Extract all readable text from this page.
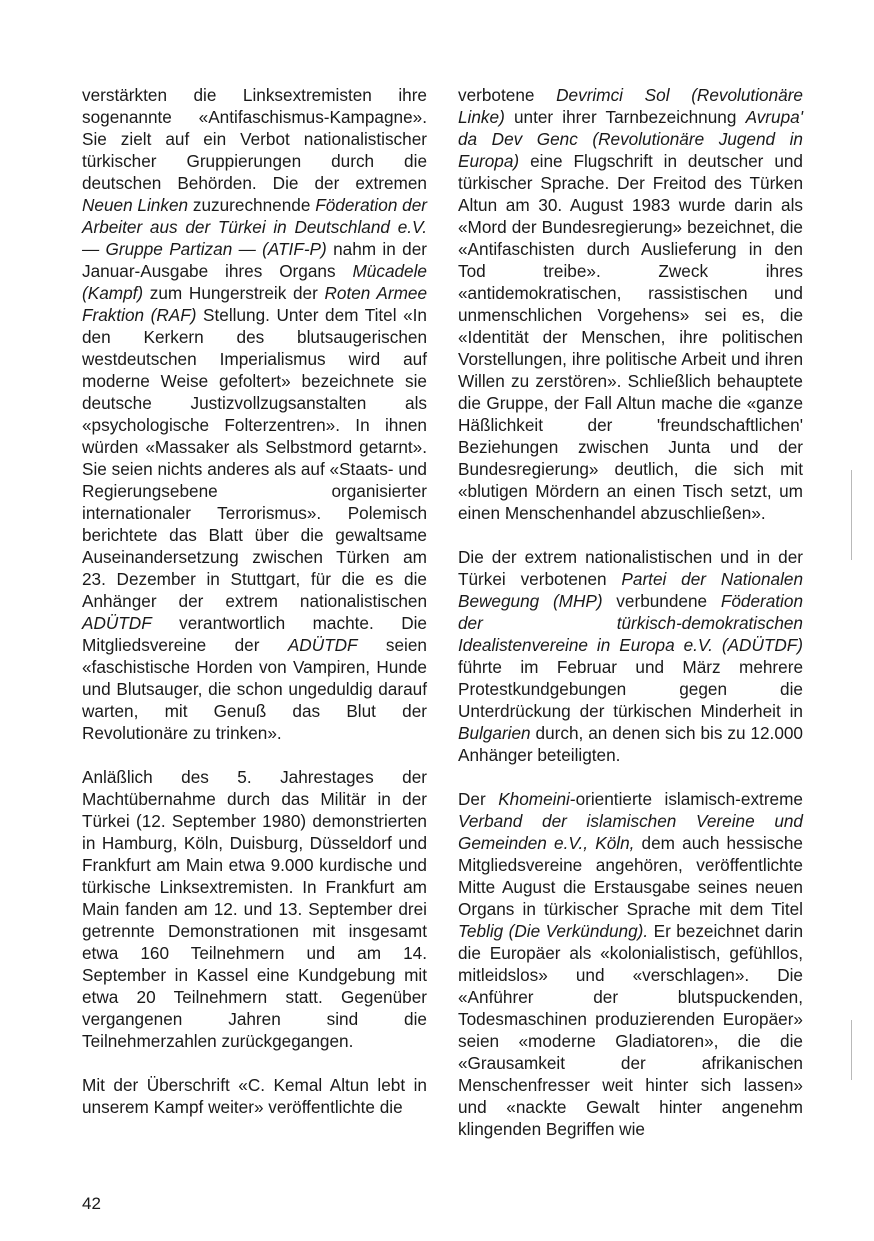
verstärkten die Linksextremisten ihre sogenannte «Antifaschismus-Kampagne». Sie zielt auf ein Verbot nationalistischer türkischer Gruppierungen durch die deutschen Behörden. Die der extremen Neuen Linken zuzurechnende Föderation der Arbeiter aus der Türkei in Deutschland e.V. — Gruppe Partizan — (ATIF-P) nahm in der Januar-Ausgabe ihres Organs Mücadele (Kampf) zum Hungerstreik der Roten Armee Fraktion (RAF) Stellung. Unter dem Titel «In den Kerkern des blutsaugerischen westdeutschen Imperialismus wird auf moderne Weise gefoltert» bezeichnete sie deutsche Justizvollzugsanstalten als «psychologische Folterzentren». In ihnen würden «Massaker als Selbstmord getarnt». Sie seien nichts anderes als auf «Staats- und Regierungsebene organisierter internationaler Terrorismus». Polemisch berichtete das Blatt über die gewaltsame Auseinandersetzung zwischen Türken am 23. Dezember in Stuttgart, für die es die Anhänger der extrem nationalistischen ADÜTDF verantwortlich machte. Die Mitgliedsvereine der ADÜTDF seien «faschistische Horden von Vampiren, Hunde und Blutsauger, die schon ungeduldig darauf warten, mit Genuß das Blut der Revolutionäre zu trinken».

Anläßlich des 5. Jahrestages der Machtübernahme durch das Militär in der Türkei (12. September 1980) demonstrierten in Hamburg, Köln, Duisburg, Düsseldorf und Frankfurt am Main etwa 9.000 kurdische und türkische Linksextremisten. In Frankfurt am Main fanden am 12. und 13. September drei getrennte Demonstrationen mit insgesamt etwa 160 Teilnehmern und am 14. September in Kassel eine Kundgebung mit etwa 20 Teilnehmern statt. Gegenüber vergangenen Jahren sind die Teilnehmerzahlen zurückgegangen.

Mit der Überschrift «C. Kemal Altun lebt in unserem Kampf weiter» veröffentlichte die

verbotene Devrimci Sol (Revolutionäre Linke) unter ihrer Tarnbezeichnung Avrupa' da Dev Genc (Revolutionäre Jugend in Europa) eine Flugschrift in deutscher und türkischer Sprache. Der Freitod des Türken Altun am 30. August 1983 wurde darin als «Mord der Bundesregierung» bezeichnet, die «Antifaschisten durch Auslieferung in den Tod treibe». Zweck ihres «antidemokratischen, rassistischen und unmenschlichen Vorgehens» sei es, die «Identität der Menschen, ihre politischen Vorstellungen, ihre politische Arbeit und ihren Willen zu zerstören». Schließlich behauptete die Gruppe, der Fall Altun mache die «ganze Häßlichkeit der 'freundschaftlichen' Beziehungen zwischen Junta und der Bundesregierung» deutlich, die sich mit «blutigen Mördern an einen Tisch setzt, um einen Menschenhandel abzuschließen».

Die der extrem nationalistischen und in der Türkei verbotenen Partei der Nationalen Bewegung (MHP) verbundene Föderation der türkisch-demokratischen Idealistenvereine in Europa e.V. (ADÜTDF) führte im Februar und März mehrere Protestkundgebungen gegen die Unterdrückung der türkischen Minderheit in Bulgarien durch, an denen sich bis zu 12.000 Anhänger beteiligten.

Der Khomeini-orientierte islamisch-extreme Verband der islamischen Vereine und Gemeinden e.V., Köln, dem auch hessische Mitgliedsvereine angehören, veröffentlichte Mitte August die Erstausgabe seines neuen Organs in türkischer Sprache mit dem Titel Teblig (Die Verkündung). Er bezeichnet darin die Europäer als «kolonialistisch, gefühllos, mitleidslos» und «verschlagen». Die «Anführer der blutspuckenden, Todesmaschinen produzierenden Europäer» seien «moderne Gladiatoren», die die «Grausamkeit der afrikanischen Menschenfresser weit hinter sich lassen» und «nackte Gewalt hinter angenehm klingenden Begriffen wie

42
